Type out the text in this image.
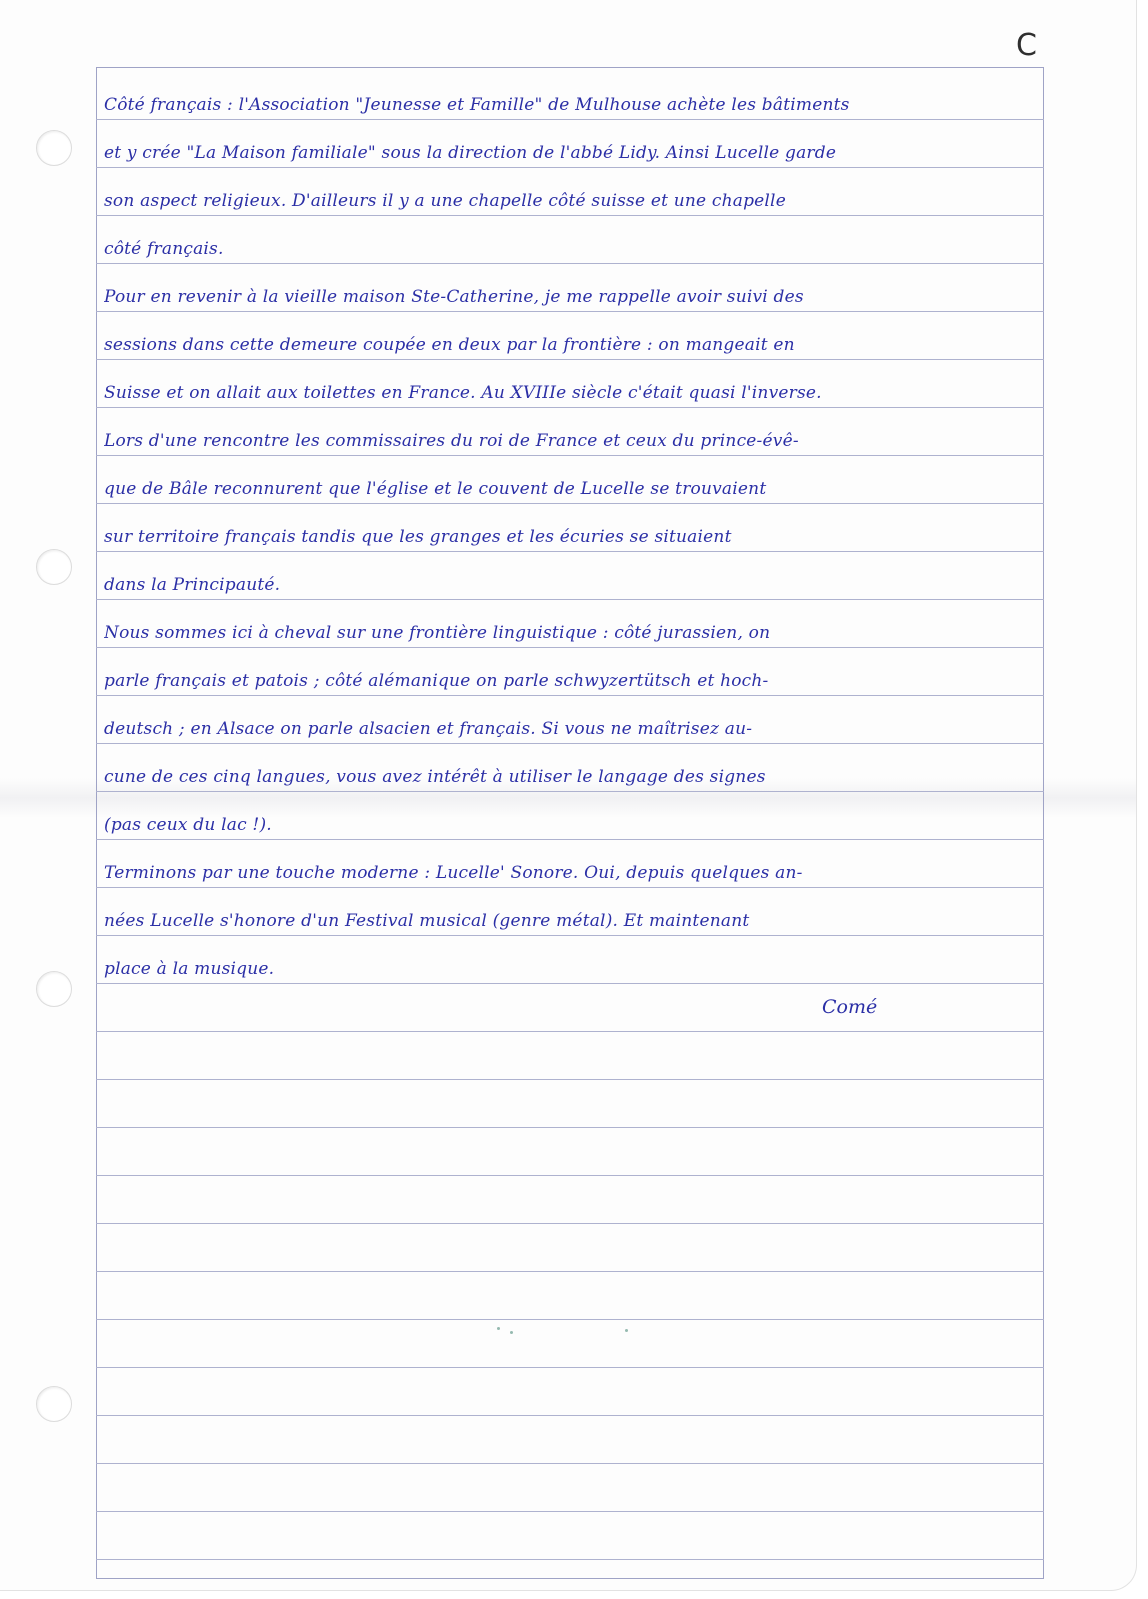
C
Côté français : l'Association "Jeunesse et Famille" de Mulhouse achète les bâtiments
et y crée "La Maison familiale" sous la direction de l'abbé Lidy. Ainsi Lucelle garde
son aspect religieux. D'ailleurs il y a une chapelle côté suisse et une chapelle
côté français.
Pour en revenir à la vieille maison Ste-Catherine, je me rappelle avoir suivi des
sessions dans cette demeure coupée en deux par la frontière : on mangeait en
Suisse et on allait aux toilettes en France. Au XVIIIe siècle c'était quasi l'inverse.
Lors d'une rencontre les commissaires du roi de France et ceux du prince-évê-
que de Bâle reconnurent que l'église et le couvent de Lucelle se trouvaient
sur territoire français tandis que les granges et les écuries se situaient
dans la Principauté.
Nous sommes ici à cheval sur une frontière linguistique : côté jurassien, on
parle français et patois ; côté alémanique on parle schwyzertütsch et hoch-
deutsch ; en Alsace on parle alsacien et français. Si vous ne maîtrisez au-
cune de ces cinq langues, vous avez intérêt à utiliser le langage des signes
(pas ceux du lac !).
Terminons par une touche moderne : Lucelle' Sonore. Oui, depuis quelques an-
nées Lucelle s'honore d'un Festival musical (genre métal). Et maintenant
place à la musique.
Comé
